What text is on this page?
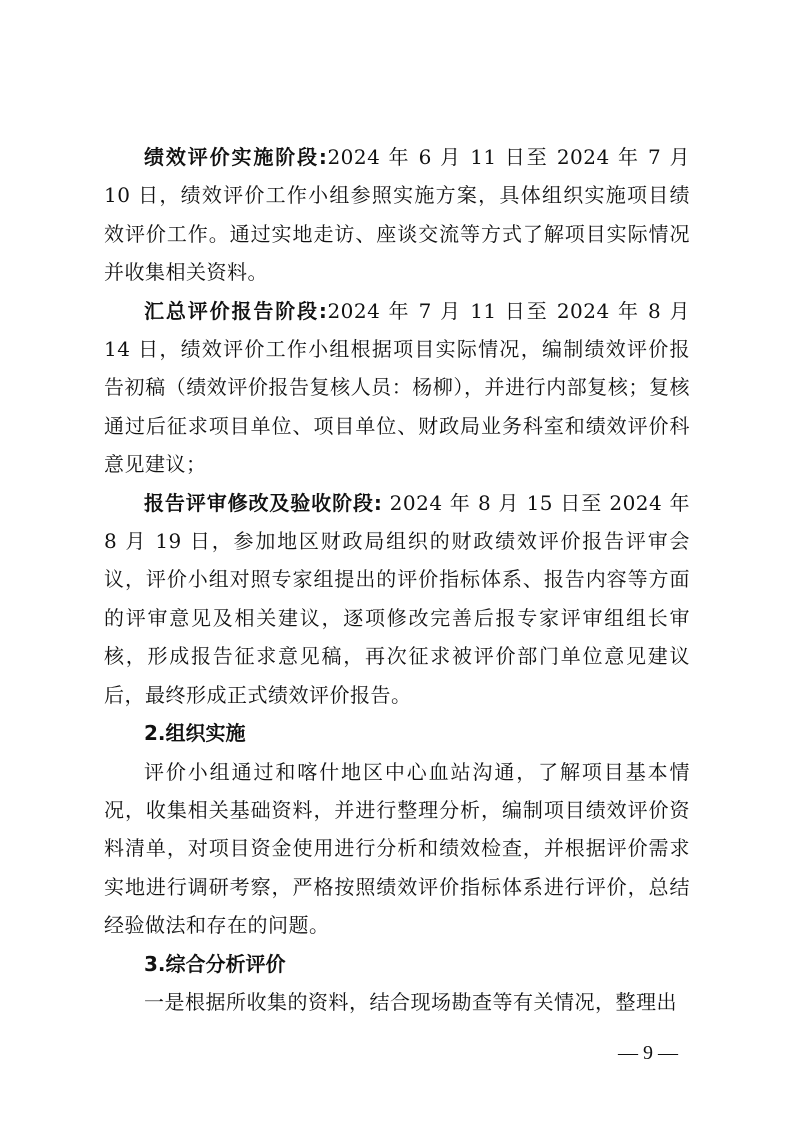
绩效评价实施阶段:2024 年 6 月 11 日至 2024 年 7 月 10 日，绩效评价工作小组参照实施方案，具体组织实施项目绩效评价工作。通过实地走访、座谈交流等方式了解项目实际情况并收集相关资料。

汇总评价报告阶段:2024 年 7 月 11 日至 2024 年 8 月 14 日，绩效评价工作小组根据项目实际情况，编制绩效评价报告初稿（绩效评价报告复核人员：杨柳），并进行内部复核；复核通过后征求项目单位、项目单位、财政局业务科室和绩效评价科意见建议；

报告评审修改及验收阶段: 2024 年 8 月 15 日至 2024 年 8 月 19 日，参加地区财政局组织的财政绩效评价报告评审会议，评价小组对照专家组提出的评价指标体系、报告内容等方面的评审意见及相关建议，逐项修改完善后报专家评审组组长审核，形成报告征求意见稿，再次征求被评价部门单位意见建议后，最终形成正式绩效评价报告。

2.组织实施

评价小组通过和喀什地区中心血站沟通，了解项目基本情况，收集相关基础资料，并进行整理分析，编制项目绩效评价资料清单，对项目资金使用进行分析和绩效检查，并根据评价需求实地进行调研考察，严格按照绩效评价指标体系进行评价，总结经验做法和存在的问题。

3.综合分析评价

一是根据所收集的资料，结合现场勘查等有关情况，整理出

— 9 —
